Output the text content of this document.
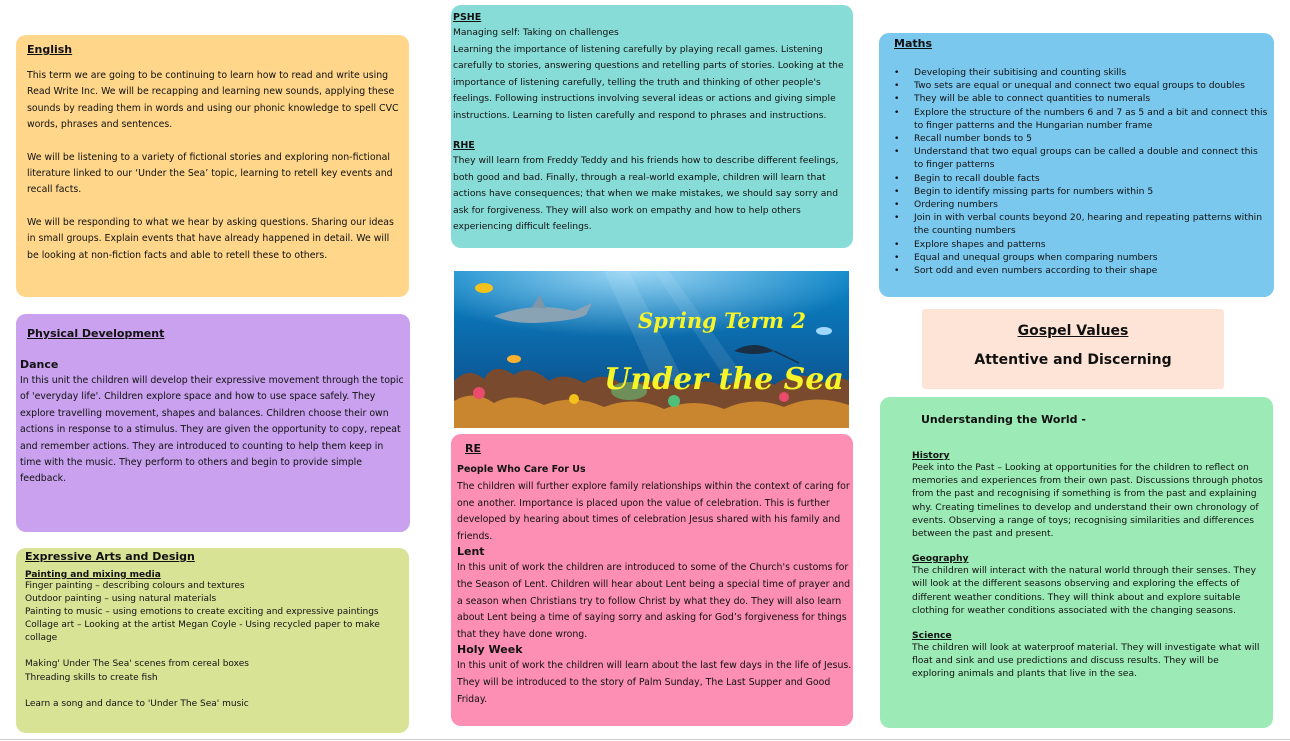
English

This term we are going to be continuing to learn how to read and write using Read Write Inc. We will be recapping and learning new sounds, applying these sounds by reading them in words and using our phonic knowledge to spell CVC words, phrases and sentences.

We will be listening to a variety of fictional stories and exploring non-fictional literature linked to our ‘Under the Sea’ topic, learning to retell key events and recall facts.

We will be responding to what we hear by asking questions. Sharing our ideas in small groups. Explain events that have already happened in detail. We will be looking at non-fiction facts and able to retell these to others.

Physical Development

Dance

In this unit the children will develop their expressive movement through the topic of 'everyday life'. Children explore space and how to use space safely. They explore travelling movement, shapes and balances. Children choose their own actions in response to a stimulus. They are given the opportunity to copy, repeat and remember actions. They are introduced to counting to help them keep in time with the music. They perform to others and begin to provide simple feedback.

Expressive Arts and Design

Painting and mixing media

Finger painting – describing colours and textures

Outdoor painting – using natural materials

Painting to music – using emotions to create exciting and expressive paintings

Collage art – Looking at the artist Megan Coyle - Using recycled paper to make collage

Making' Under The Sea' scenes from cereal boxes

Threading skills to create fish

Learn a song and dance to 'Under The Sea' music

PSHE

Managing self: Taking on challenges

Learning the importance of listening carefully by playing recall games. Listening carefully to stories, answering questions and retelling parts of stories. Looking at the importance of listening carefully, telling the truth and thinking of other people's feelings. Following instructions involving several ideas or actions and giving simple instructions. Learning to listen carefully and respond to phrases and instructions.

RHE

They will learn from Freddy Teddy and his friends how to describe different feelings, both good and bad. Finally, through a real-world example, children will learn that actions have consequences; that when we make mistakes, we should say sorry and ask for forgiveness. They will also work on empathy and how to help others experiencing difficult feelings.

Spring Term 2
Under the Sea

RE

People Who Care For Us

The children will further explore family relationships within the context of caring for one another. Importance is placed upon the value of celebration. This is further developed by hearing about times of celebration Jesus shared with his family and friends.

Lent

In this unit of work the children are introduced to some of the Church's customs for the Season of Lent. Children will hear about Lent being a special time of prayer and a season when Christians try to follow Christ by what they do. They will also learn about Lent being a time of saying sorry and asking for God’s forgiveness for things that they have done wrong.

Holy Week

In this unit of work the children will learn about the last few days in the life of Jesus. They will be introduced to the story of Palm Sunday, The Last Supper and Good Friday.

Maths

• Developing their subitising and counting skills
• Two sets are equal or unequal and connect two equal groups to doubles
• They will be able to connect quantities to numerals
• Explore the structure of the numbers 6 and 7 as 5 and a bit and connect this to finger patterns and the Hungarian number frame
• Recall number bonds to 5
• Understand that two equal groups can be called a double and connect this to finger patterns
• Begin to recall double facts
• Begin to identify missing parts for numbers within 5
• Ordering numbers
• Join in with verbal counts beyond 20, hearing and repeating patterns within the counting numbers
• Explore shapes and patterns
• Equal and unequal groups when comparing numbers
• Sort odd and even numbers according to their shape

Gospel Values

Attentive and Discerning

Understanding the World -

History

Peek into the Past – Looking at opportunities for the children to reflect on memories and experiences from their own past. Discussions through photos from the past and recognising if something is from the past and explaining why. Creating timelines to develop and understand their own chronology of events. Observing a range of toys; recognising similarities and differences between the past and present.

Geography

The children will interact with the natural world through their senses. They will look at the different seasons observing and exploring the effects of different weather conditions. They will think about and explore suitable clothing for weather conditions associated with the changing seasons.

Science

The children will look at waterproof material. They will investigate what will float and sink and use predictions and discuss results. They will be exploring animals and plants that live in the sea.
